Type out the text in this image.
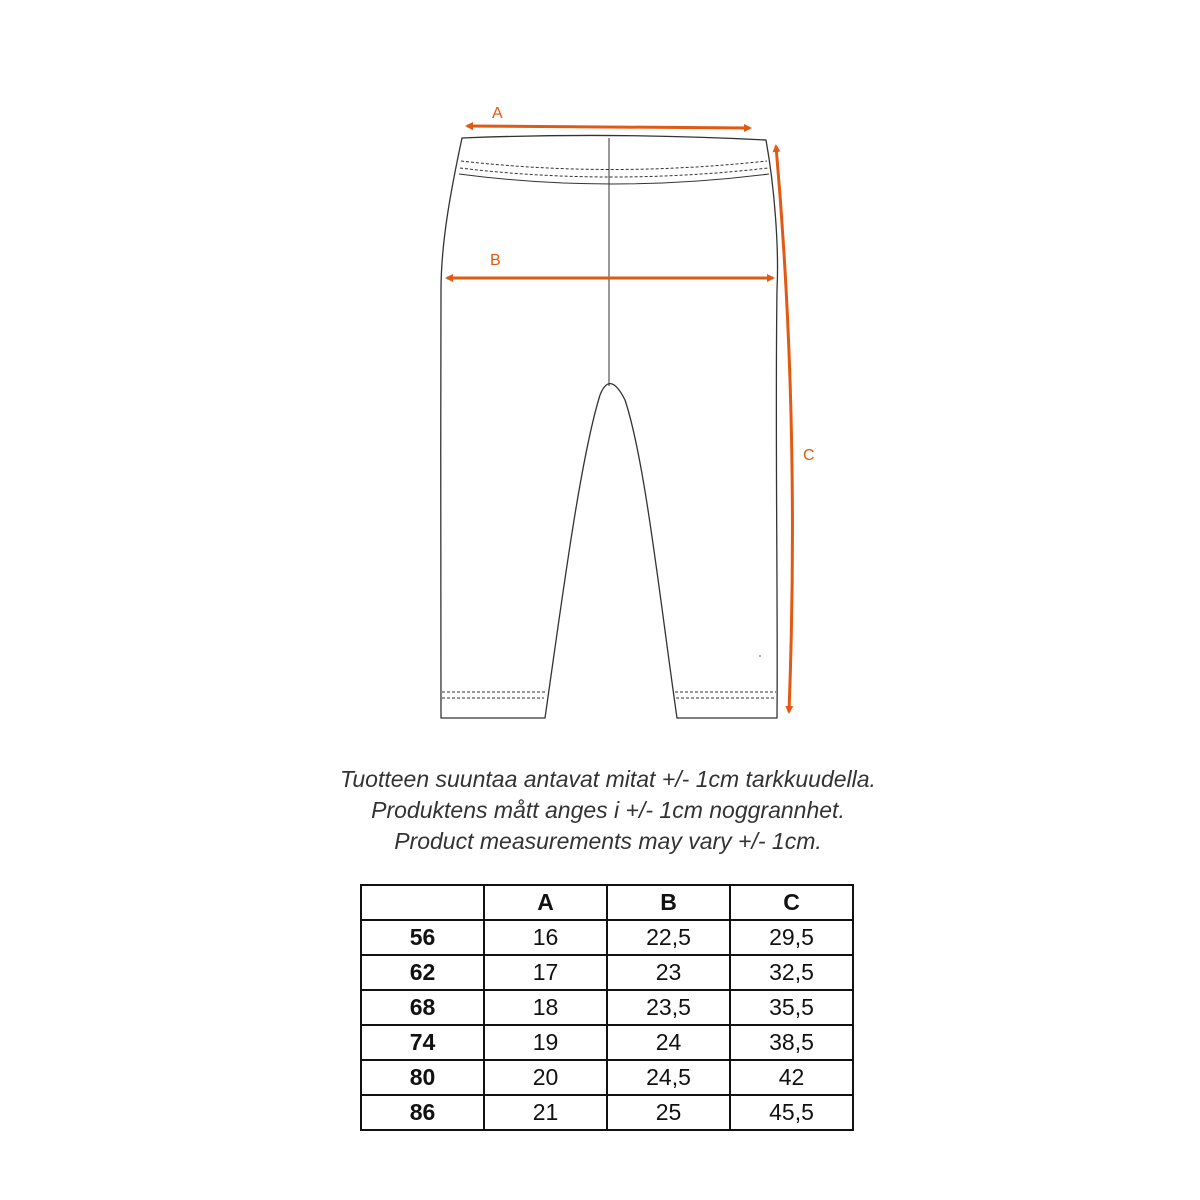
A
B
C
Tuotteen suuntaa antavat mitat +/- 1cm tarkkuudella.
Produktens mått anges i +/- 1cm noggrannhet.
Product measurements may vary +/- 1cm.
	A	B	C
56	16	22,5	29,5
62	17	23	32,5
68	18	23,5	35,5
74	19	24	38,5
80	20	24,5	42
86	21	25	45,5
